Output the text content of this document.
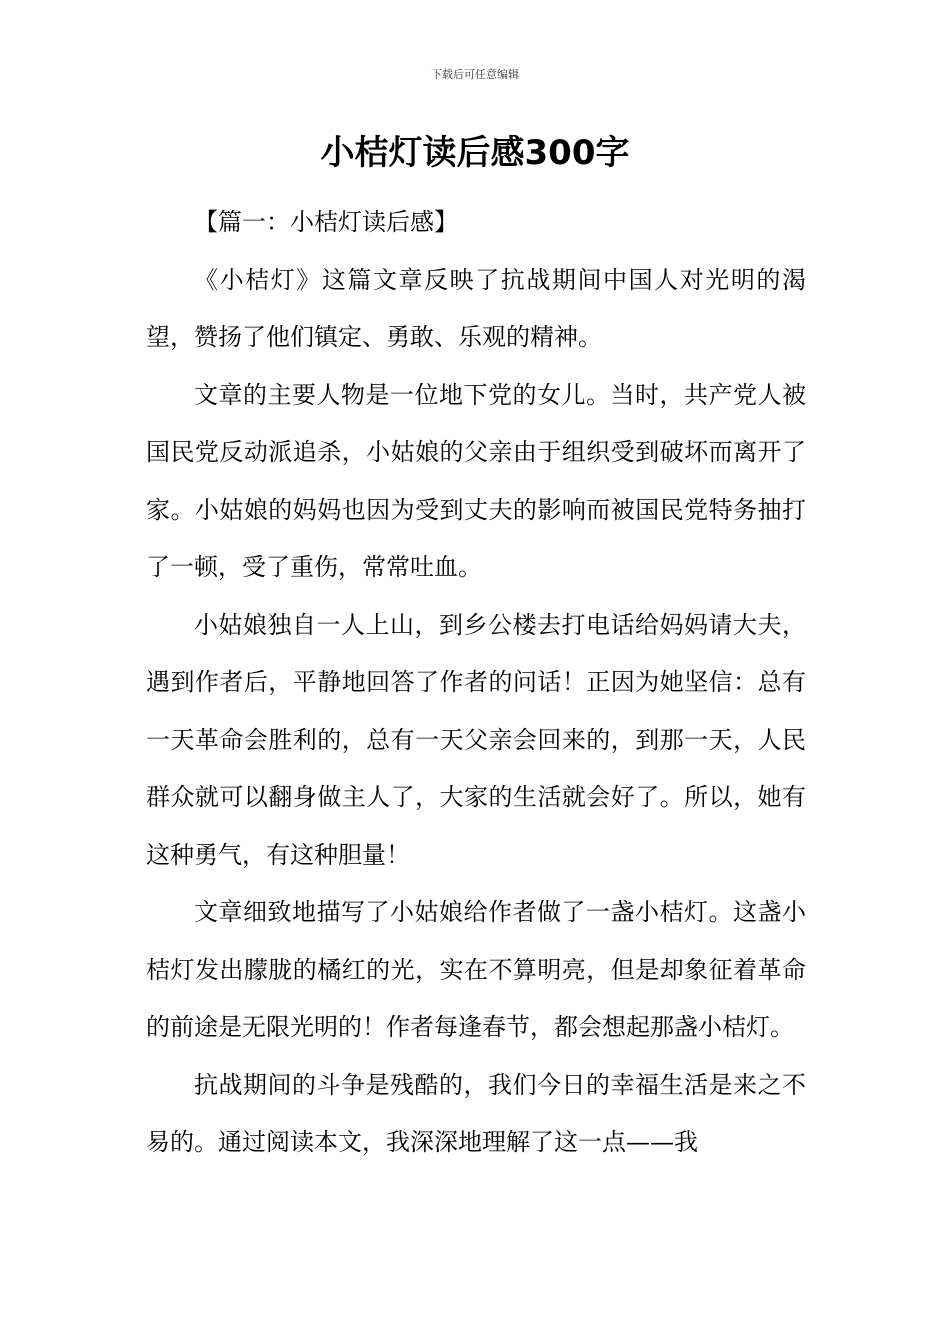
下载后可任意编辑
小桔灯读后感300字

【篇一：小桔灯读后感】

《小桔灯》这篇文章反映了抗战期间中国人对光明的渴望，赞扬了他们镇定、勇敢、乐观的精神。

文章的主要人物是一位地下党的女儿。当时，共产党人被国民党反动派追杀，小姑娘的父亲由于组织受到破坏而离开了家。小姑娘的妈妈也因为受到丈夫的影响而被国民党特务抽打了一顿，受了重伤，常常吐血。

小姑娘独自一人上山，到乡公楼去打电话给妈妈请大夫，遇到作者后，平静地回答了作者的问话！正因为她坚信：总有一天革命会胜利的，总有一天父亲会回来的，到那一天，人民群众就可以翻身做主人了，大家的生活就会好了。所以，她有这种勇气，有这种胆量！

文章细致地描写了小姑娘给作者做了一盏小桔灯。这盏小桔灯发出朦胧的橘红的光，实在不算明亮，但是却象征着革命的前途是无限光明的！作者每逢春节，都会想起那盏小桔灯。

抗战期间的斗争是残酷的，我们今日的幸福生活是来之不易的。通过阅读本文，我深深地理解了这一点——我
